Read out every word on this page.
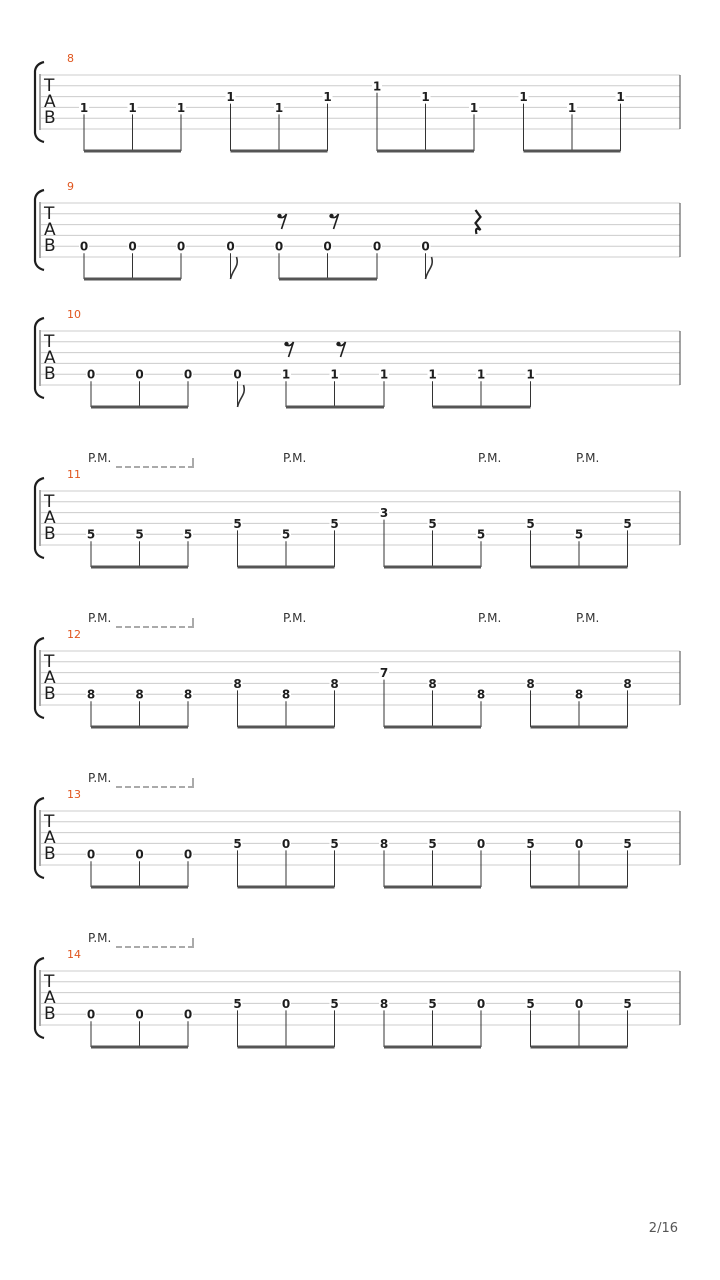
8
T
A
B
1	1	1
1
1
1
1
1
1
1
1
1
9
T
A
B 0	0	0	0	0	0	0	0
10
T
A
B	0	0	0	0	1	1	1	1	1	1
11
T
A
B
P.M.	P.M.	P.M.	P.M.
5	5	5
5
5
5
3
5
5
5
5
5
12
T
A
B
P.M.	P.M.	P.M.	P.M.
8	8	8
8
8
8
7
8
8
8
8
8
13
T
A
B
P.M.
0	0	0
5	0	5	8	5	0	5	0	5
14
T
A
B
P.M.
0	0	0
5	0	5	8	5	0	5	0	5
2/16
